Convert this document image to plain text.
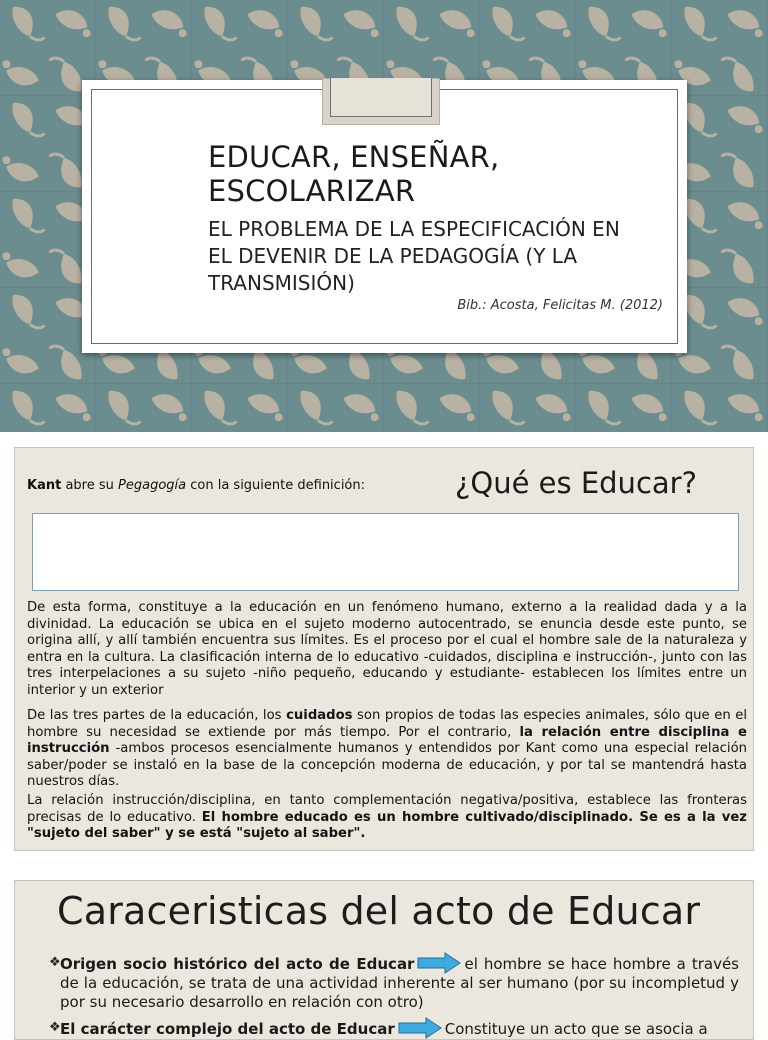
EDUCAR, ENSEÑAR,
ESCOLARIZAR
EL PROBLEMA DE LA ESPECIFICACIÓN EN
EL DEVENIR DE LA PEDAGOGÍA (Y LA
TRANSMISIÓN)
Bib.: Acosta, Felicitas M. (2012)
Kant abre su Pegagogía con la siguiente definición:	¿Qué es Educar?

De esta forma, constituye a la educación en un fenómeno humano, externo a la realidad dada y a la divinidad. La educación se ubica en el sujeto moderno autocentrado, se enuncia desde este punto, se origina allí, y allí también encuentra sus límites. Es el proceso por el cual el hombre sale de la naturaleza y entra en la cultura. La clasificación interna de lo educativo -cuidados, disciplina e instrucción-, junto con las tres interpelaciones a su sujeto -niño pequeño, educando y estudiante- establecen los límites entre un interior y un exterior

De las tres partes de la educación, los cuidados son propios de todas las especies animales, sólo que en el hombre su necesidad se extiende por más tiempo. Por el contrario, la relación entre disciplina e instrucción -ambos procesos esencialmente humanos y entendidos por Kant como una especial relación saber/poder se instaló en la base de la concepción moderna de educación, y por tal se mantendrá hasta nuestros días.

La relación instrucción/disciplina, en tanto complementación negativa/positiva, establece las fronteras precisas de lo educativo. El hombre educado es un hombre cultivado/disciplinado. Se es a la vez "sujeto del saber" y se está "sujeto al saber".

Caraceristicas del acto de Educar
❖ Origen socio histórico del acto de Educar	el hombre se hace hombre a través de la educación, se trata de una actividad inherente al ser humano (por su incompletud y por su necesario desarrollo en relación con otro)
❖ El carácter complejo del acto de Educar	Constituye un acto que se asocia a
